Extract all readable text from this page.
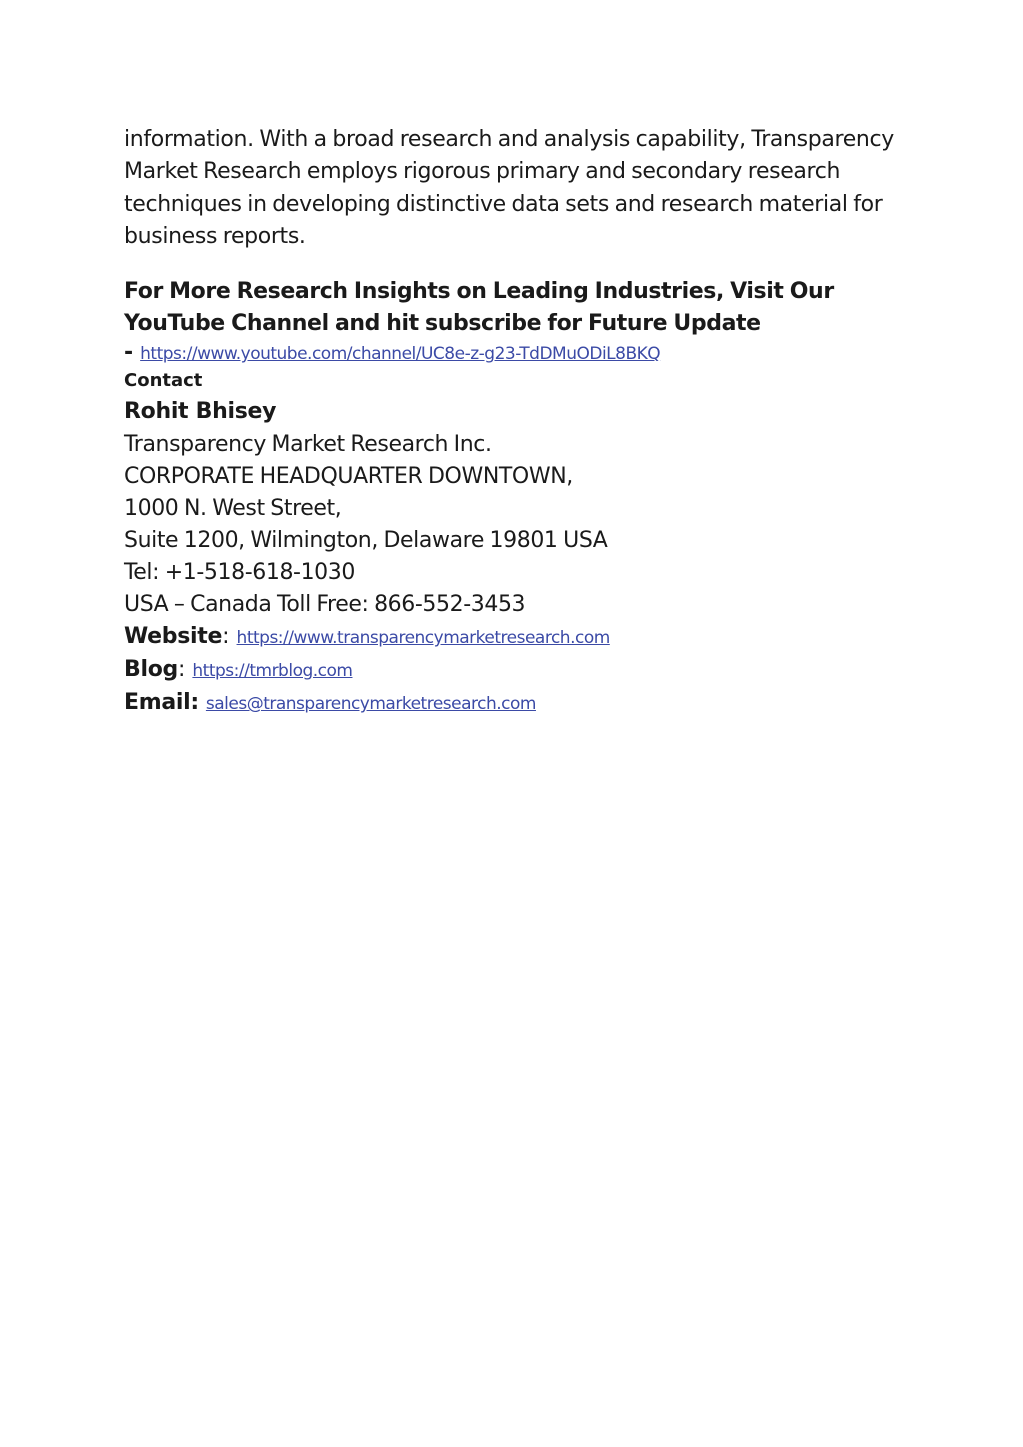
information. With a broad research and analysis capability, Transparency

Market Research employs rigorous primary and secondary research

techniques in developing distinctive data sets and research material for

business reports.

For More Research Insights on Leading Industries, Visit Our
YouTube Channel and hit subscribe for Future Update
- https://www.youtube.com/channel/UC8e-z-g23-TdDMuODiL8BKQ
Contact
Rohit Bhisey
Transparency Market Research Inc.
CORPORATE HEADQUARTER DOWNTOWN,
1000 N. West Street,
Suite 1200, Wilmington, Delaware 19801 USA
Tel: +1-518-618-1030
USA – Canada Toll Free: 866-552-3453
Website: https://www.transparencymarketresearch.com
Blog: https://tmrblog.com
Email: sales@transparencymarketresearch.com
